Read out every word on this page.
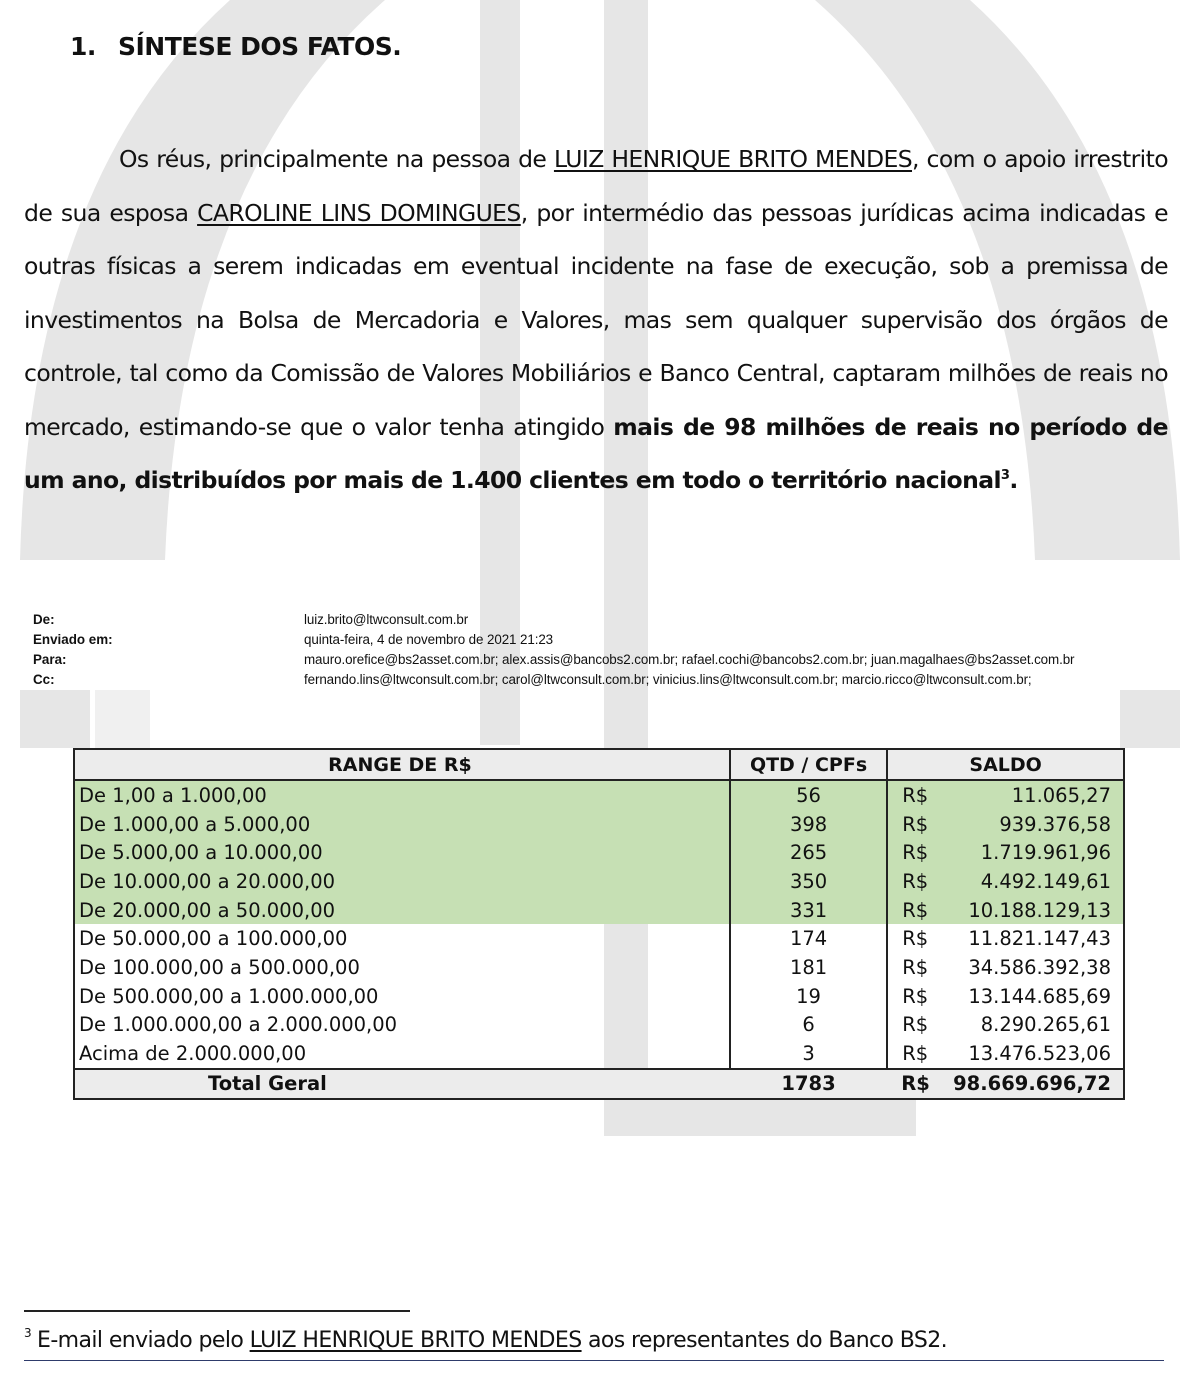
1. SÍNTESE DOS FATOS.
Os réus, principalmente na pessoa de LUIZ HENRIQUE BRITO MENDES, com o apoio irrestrito de sua esposa CAROLINE LINS DOMINGUES, por intermédio das pessoas jurídicas acima indicadas e outras físicas a serem indicadas em eventual incidente na fase de execução, sob a premissa de investimentos na Bolsa de Mercadoria e Valores, mas sem qualquer supervisão dos órgãos de controle, tal como da Comissão de Valores Mobiliários e Banco Central, captaram milhões de reais no mercado, estimando-se que o valor tenha atingido mais de 98 milhões de reais no período de um ano, distribuídos por mais de 1.400 clientes em todo o território nacional$^3$.
De:	luiz.brito@ltwconsult.com.br
Enviado em:	quinta-feira, 4 de novembro de 2021 21:23
Para:	mauro.orefice@bs2asset.com.br; alex.assis@bancobs2.com.br; rafael.cochi@bancobs2.com.br; juan.magalhaes@bs2asset.com.br
Cc:	fernando.lins@ltwconsult.com.br; carol@ltwconsult.com.br; vinicius.lins@ltwconsult.com.br; marcio.ricco@ltwconsult.com.br;
RANGE DE R$	QTD / CPFs	SALDO	
De 1,00 a 1.000,00	56	R$	11.065,27
De 1.000,00 a 5.000,00	398	R$	939.376,58
De 5.000,00 a 10.000,00	265	R$	1.719.961,96
De 10.000,00 a 20.000,00	350	R$	4.492.149,61
De 20.000,00 a 50.000,00	331	R$	10.188.129,13
De 50.000,00 a 100.000,00	174	R$	11.821.147,43
De 100.000,00 a 500.000,00	181	R$	34.586.392,38
De 500.000,00 a 1.000.000,00	19	R$	13.144.685,69
De 1.000.000,00 a 2.000.000,00	6	R$	8.290.265,61
Acima de 2.000.000,00	3	R$	13.476.523,06
Total Geral	1783	R$	98.669.696,72
$^3$ E-mail enviado pelo LUIZ HENRIQUE BRITO MENDES aos representantes do Banco BS2.
